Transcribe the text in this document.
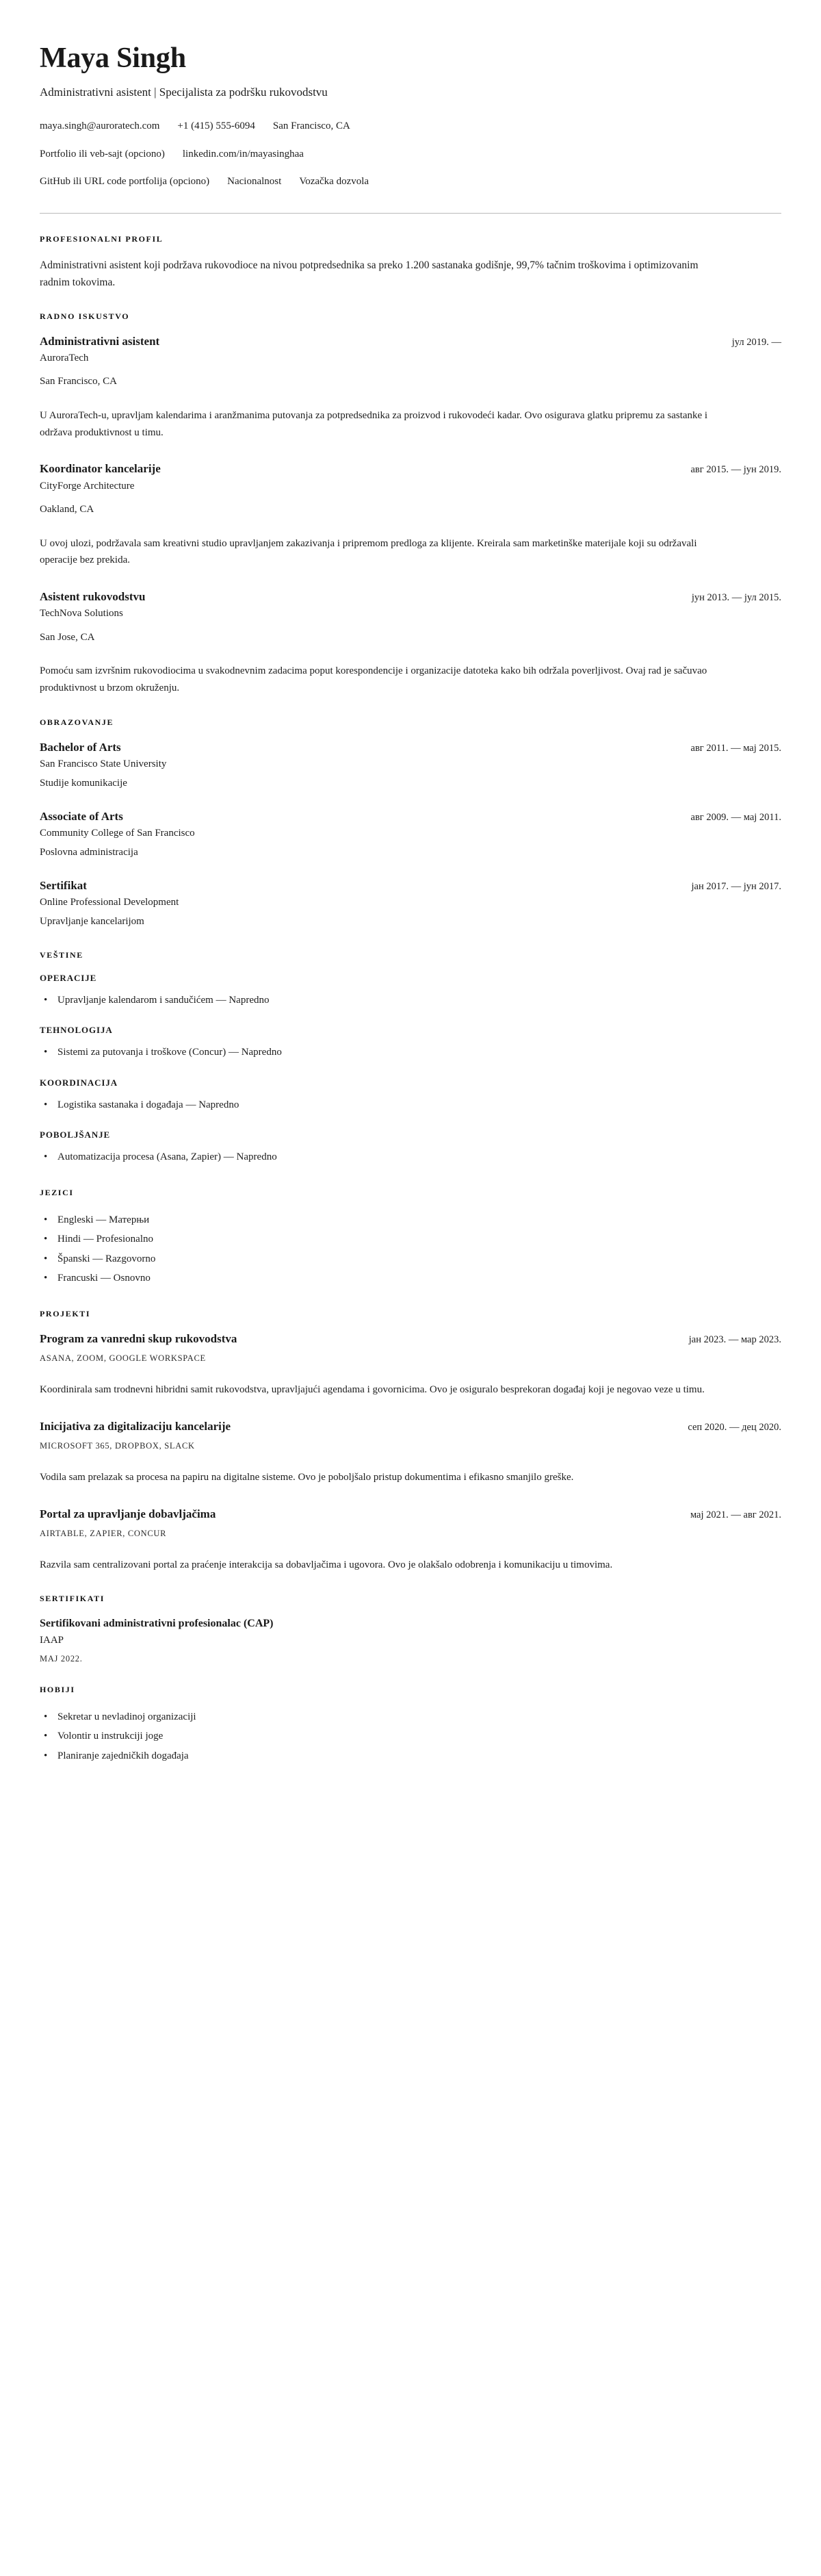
Maya Singh
Administrativni asistent | Specijalista za podršku rukovodstvu
maya.singh@auroratech.com +1 (415) 555-6094 San Francisco, CA
Portfolio ili veb-sajt (opciono) linkedin.com/in/mayasinghaa
GitHub ili URL code portfolija (opciono) Nacionalnost Vozačka dozvola
PROFESIONALNI PROFIL

Administrativni asistent koji podržava rukovodioce na nivou potpredsednika sa preko 1.200 sastanaka godišnje, 99,7% tačnim troškovima i optimizovanim radnim tokovima.

RADNO ISKUSTVO
Administrativni asistent	јул 2019. —
AuroraTech
San Francisco, CA

U AuroraTech-u, upravljam kalendarima i aranžmanima putovanja za potpredsednika za proizvod i rukovodeći kadar. Ovo osigurava glatku pripremu za sastanke i održava produktivnost u timu.

Koordinator kancelarije	авг 2015. — јун 2019.
CityForge Architecture
Oakland, CA

U ovoj ulozi, podržavala sam kreativni studio upravljanjem zakazivanja i pripremom predloga za klijente. Kreirala sam marketinške materijale koji su održavali operacije bez prekida.

Asistent rukovodstvu	јун 2013. — јул 2015.
TechNova Solutions
San Jose, CA

Pomoću sam izvršnim rukovodiocima u svakodnevnim zadacima poput korespondencije i organizacije datoteka kako bih održala poverljivost. Ovaj rad je sačuvao produktivnost u brzom okruženju.

OBRAZOVANJE
Bachelor of Arts	авг 2011. — мај 2015.
San Francisco State University
Studije komunikacije
Associate of Arts	авг 2009. — мај 2011.
Community College of San Francisco
Poslovna administracija
Sertifikat	јан 2017. — јун 2017.
Online Professional Development
Upravljanje kancelarijom
VEŠTINE
OPERACIJE
• Upravljanje kalendarom i sandučićem — Napredno
TEHNOLOGIJA
• Sistemi za putovanja i troškove (Concur) — Napredno
KOORDINACIJA
• Logistika sastanaka i događaja — Napredno
POBOLJŠANJE
• Automatizacija procesa (Asana, Zapier) — Napredno
JEZICI
• Engleski — Матерњи
• Hindi — Profesionalno
• Španski — Razgovorno
• Francuski — Osnovno
PROJEKTI
Program za vanredni skup rukovodstva	јан 2023. — мар 2023.
ASANA, ZOOM, GOOGLE WORKSPACE

Koordinirala sam trodnevni hibridni samit rukovodstva, upravljajući agendama i govornicima. Ovo je osiguralo besprekoran događaj koji je negovao veze u timu.

Inicijativa za digitalizaciju kancelarije	сеп 2020. — дец 2020.
MICROSOFT 365, DROPBOX, SLACK

Vodila sam prelazak sa procesa na papiru na digitalne sisteme. Ovo je poboljšalo pristup dokumentima i efikasno smanjilo greške.

Portal za upravljanje dobavljačima	мај 2021. — авг 2021.
AIRTABLE, ZAPIER, CONCUR

Razvila sam centralizovani portal za praćenje interakcija sa dobavljačima i ugovora. Ovo je olakšalo odobrenja i komunikaciju u timovima.

SERTIFIKATI
Sertifikovani administrativni profesionalac (CAP)
IAAP
MAJ 2022.
HOBIJI
• Sekretar u nevladinoj organizaciji
• Volontir u instrukciji joge
• Planiranje zajedničkih događaja
